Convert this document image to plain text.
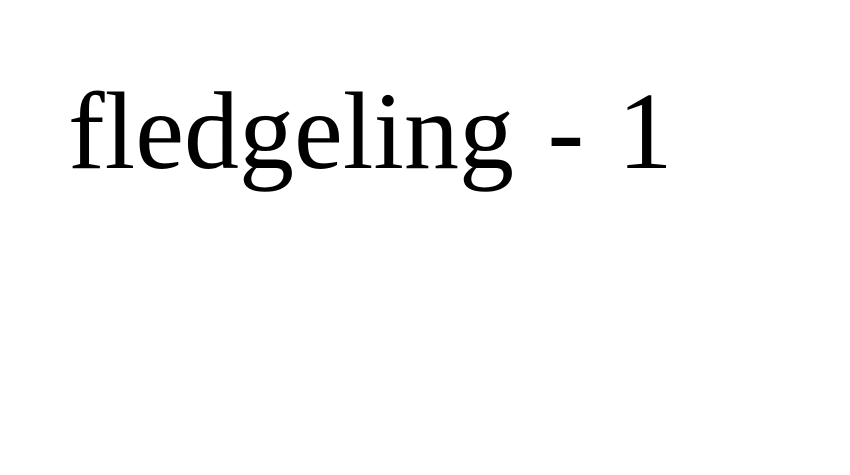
fledgeling - 1
